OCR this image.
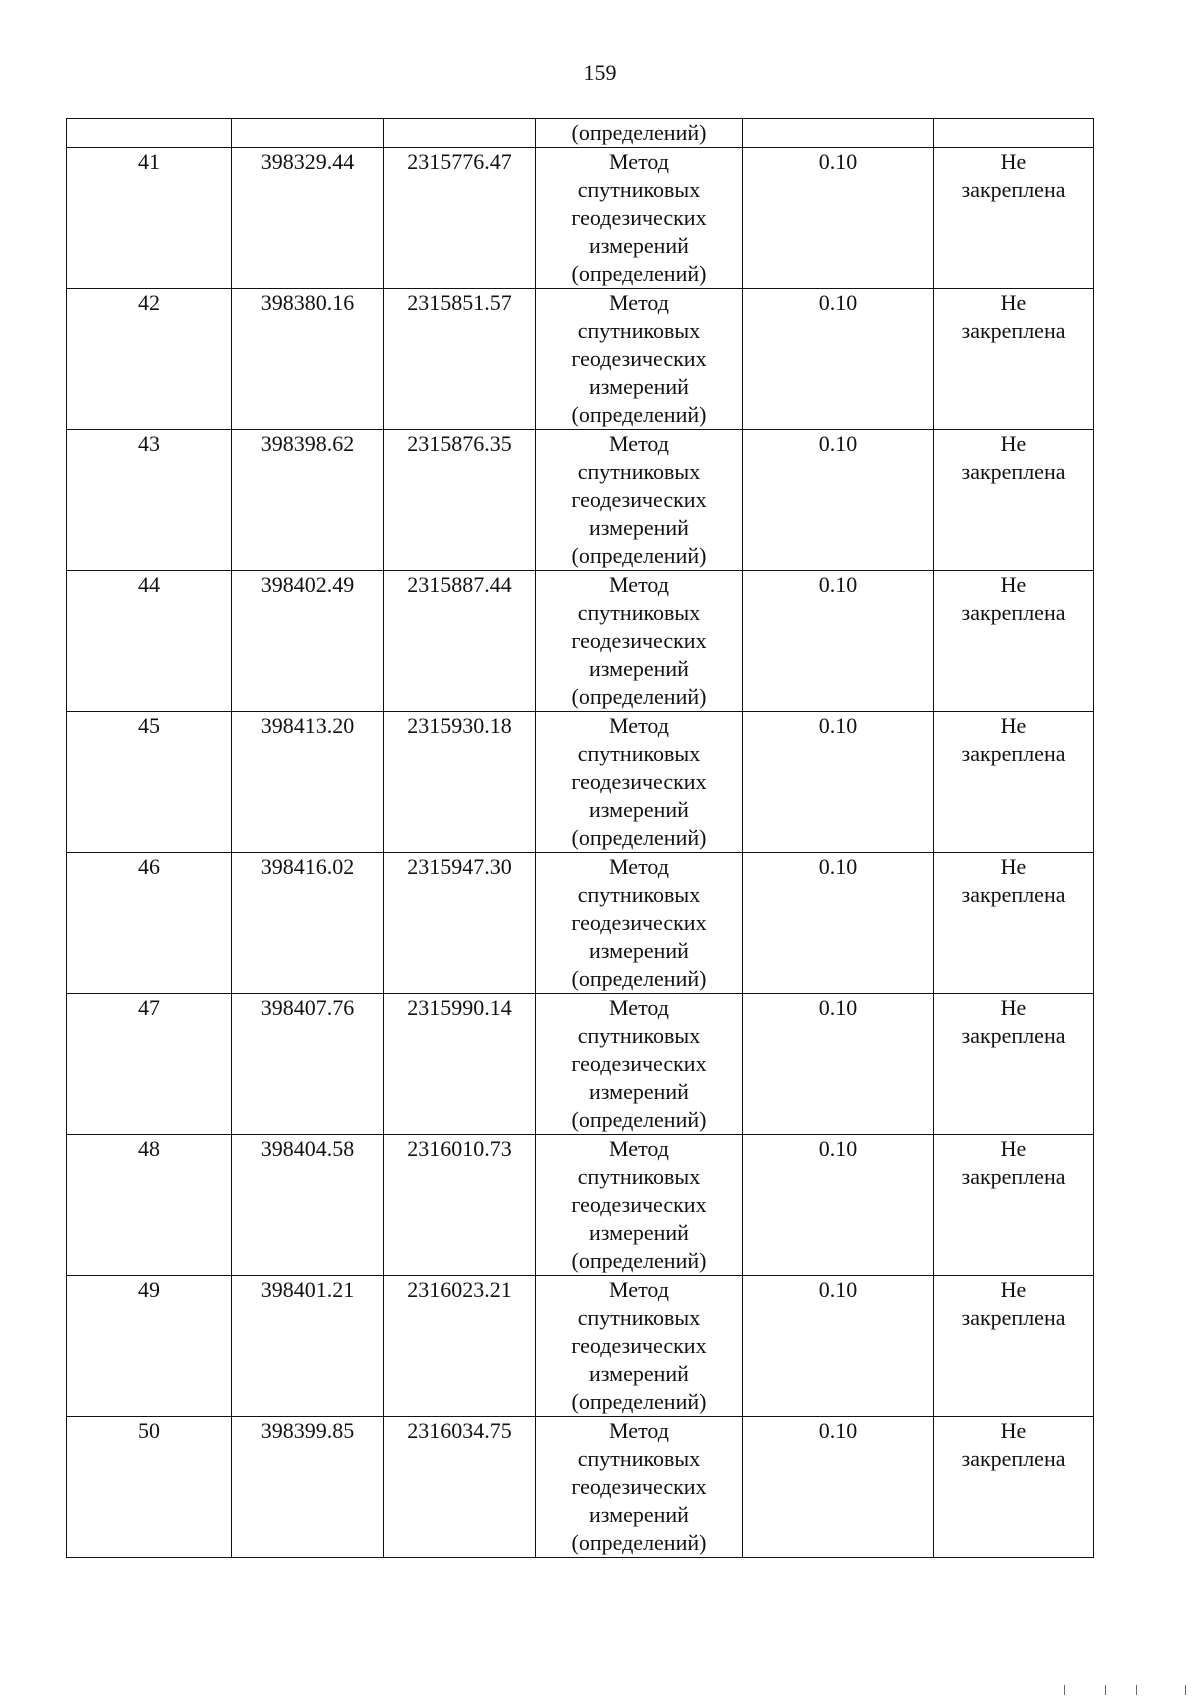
159
			(определений)		
41	398329.44	2315776.47	Метод
спутниковых
геодезических
измерений
(определений)	0.10	Не
закреплена

42	398380.16	2315851.57	Метод
спутниковых
геодезических
измерений
(определений)	0.10	Не
закреплена

43	398398.62	2315876.35	Метод
спутниковых
геодезических
измерений
(определений)	0.10	Не
закреплена

44	398402.49	2315887.44	Метод
спутниковых
геодезических
измерений
(определений)	0.10	Не
закреплена

45	398413.20	2315930.18	Метод
спутниковых
геодезических
измерений
(определений)	0.10	Не
закреплена

46	398416.02	2315947.30	Метод
спутниковых
геодезических
измерений
(определений)	0.10	Не
закреплена

47	398407.76	2315990.14	Метод
спутниковых
геодезических
измерений
(определений)	0.10	Не
закреплена

48	398404.58	2316010.73	Метод
спутниковых
геодезических
измерений
(определений)	0.10	Не
закреплена

49	398401.21	2316023.21	Метод
спутниковых
геодезических
измерений
(определений)	0.10	Не
закреплена

50	398399.85	2316034.75	Метод
спутниковых
геодезических
измерений
(определений)	0.10	Не
закреплена
